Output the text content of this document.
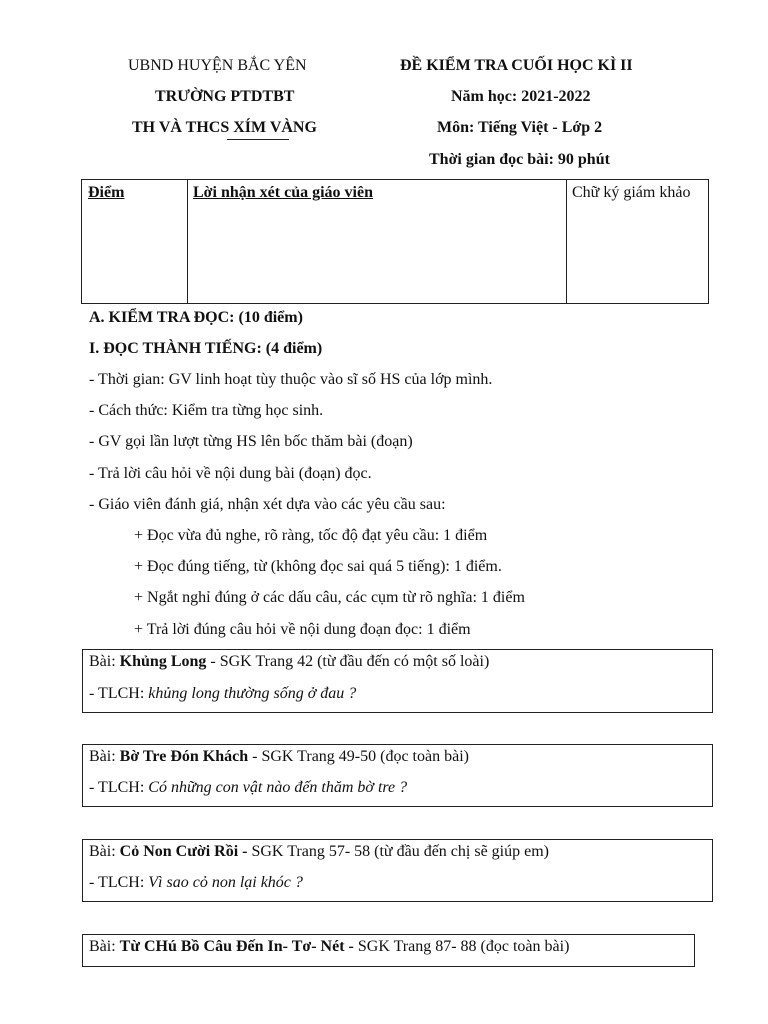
UBND HUYỆN BẮC YÊN
TRƯỜNG PTDTBT
TH VÀ THCS XÍM VÀNG
ĐỀ KIỂM TRA CUỐI HỌC KÌ II
Năm học: 2021-2022
Môn: Tiếng Việt - Lớp 2
Thời gian đọc bài: 90 phút
Điểm	Lời nhận xét của giáo viên	Chữ ký giám khảo
A. KIỂM TRA ĐỌC: (10 điểm)
I. ĐỌC THÀNH TIẾNG: (4 điểm)
- Thời gian: GV linh hoạt tùy thuộc vào sĩ số HS của lớp mình.
- Cách thức: Kiểm tra từng học sinh.
- GV gọi lần lượt từng HS lên bốc thăm bài (đoạn)
- Trả lời câu hỏi về nội dung bài (đoạn) đọc.
- Giáo viên đánh giá, nhận xét dựa vào các yêu cầu sau:
+ Đọc vừa đủ nghe, rõ ràng, tốc độ đạt yêu cầu: 1 điểm
+ Đọc đúng tiếng, từ (không đọc sai quá 5 tiếng): 1 điểm.
+ Ngắt nghỉ đúng ở các dấu câu, các cụm từ rõ nghĩa: 1 điểm
+ Trả lời đúng câu hỏi về nội dung đoạn đọc: 1 điểm
Bài: Khủng Long - SGK Trang 42 (từ đầu đến có một số loài)
- TLCH: khủng long thường sống ở đau ?
Bài: Bờ Tre Đón Khách - SGK Trang 49-50 (đọc toàn bài)
- TLCH: Có những con vật nào đến thăm bờ tre ?
Bài: Cỏ Non Cười Rồi - SGK Trang 57- 58 (từ đầu đến chị sẽ giúp em)
- TLCH: Vì sao cỏ non lại khóc ?
Bài: Từ CHú Bồ Câu Đến In- Tơ- Nét - SGK Trang 87- 88 (đọc toàn bài)
